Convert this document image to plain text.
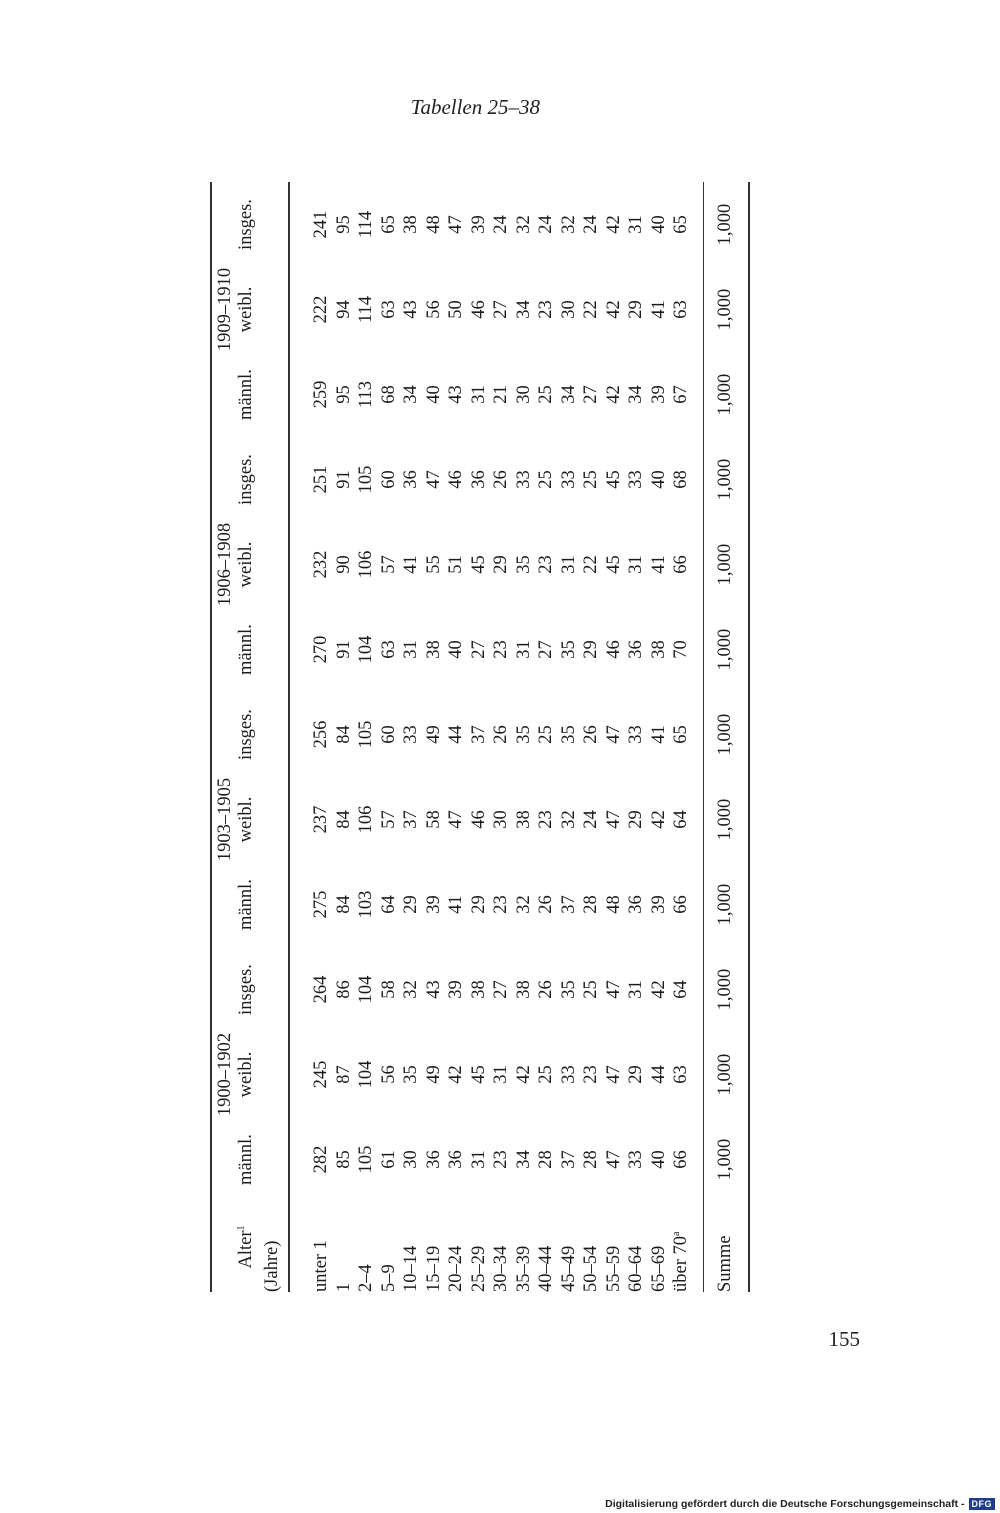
Tabellen 25–38
	1900–1902			1903–1905			1906–1908			1909–1910		
Alter$^1$	männl.	weibl.	insges.	männl.	weibl.	insges.	männl.	weibl.	insges.	männl.	weibl.	insges.
(Jahre)												

unter 1	282	245	264	275	237	256	270	232	251	259	222	241
1	85	87	86	84	84	84	91	90	91	95	94	95
2–4	105	104	104	103	106	105	104	106	105	113	114	114
5–9	61	56	58	64	57	60	63	57	60	68	63	65
10–14	30	35	32	29	37	33	31	41	36	34	43	38
15–19	36	49	43	39	58	49	38	55	47	40	56	48
20–24	36	42	39	41	47	44	40	51	46	43	50	47
25–29	31	45	38	29	46	37	27	45	36	31	46	39
30–34	23	31	27	23	30	26	23	29	26	21	27	24
35–39	34	42	38	32	38	35	31	35	33	30	34	32
40–44	28	25	26	26	23	25	27	23	25	25	23	24
45–49	37	33	35	37	32	35	35	31	33	34	30	32
50–54	28	23	25	28	24	26	29	22	25	27	22	24
55–59	47	47	47	48	47	47	46	45	45	42	42	42
60–64	33	29	31	36	29	33	36	31	33	34	29	31
65–69	40	44	42	39	42	41	38	41	40	39	41	40
über 70$^a$	66	63	64	66	64	65	70	66	68	67	63	65

Summe	1,000	1,000	1,000	1,000	1,000	1,000	1,000	1,000	1,000	1,000	1,000	1,000
155
Digitalisierung gefördert durch die Deutsche Forschungsgemeinschaft - DFG
